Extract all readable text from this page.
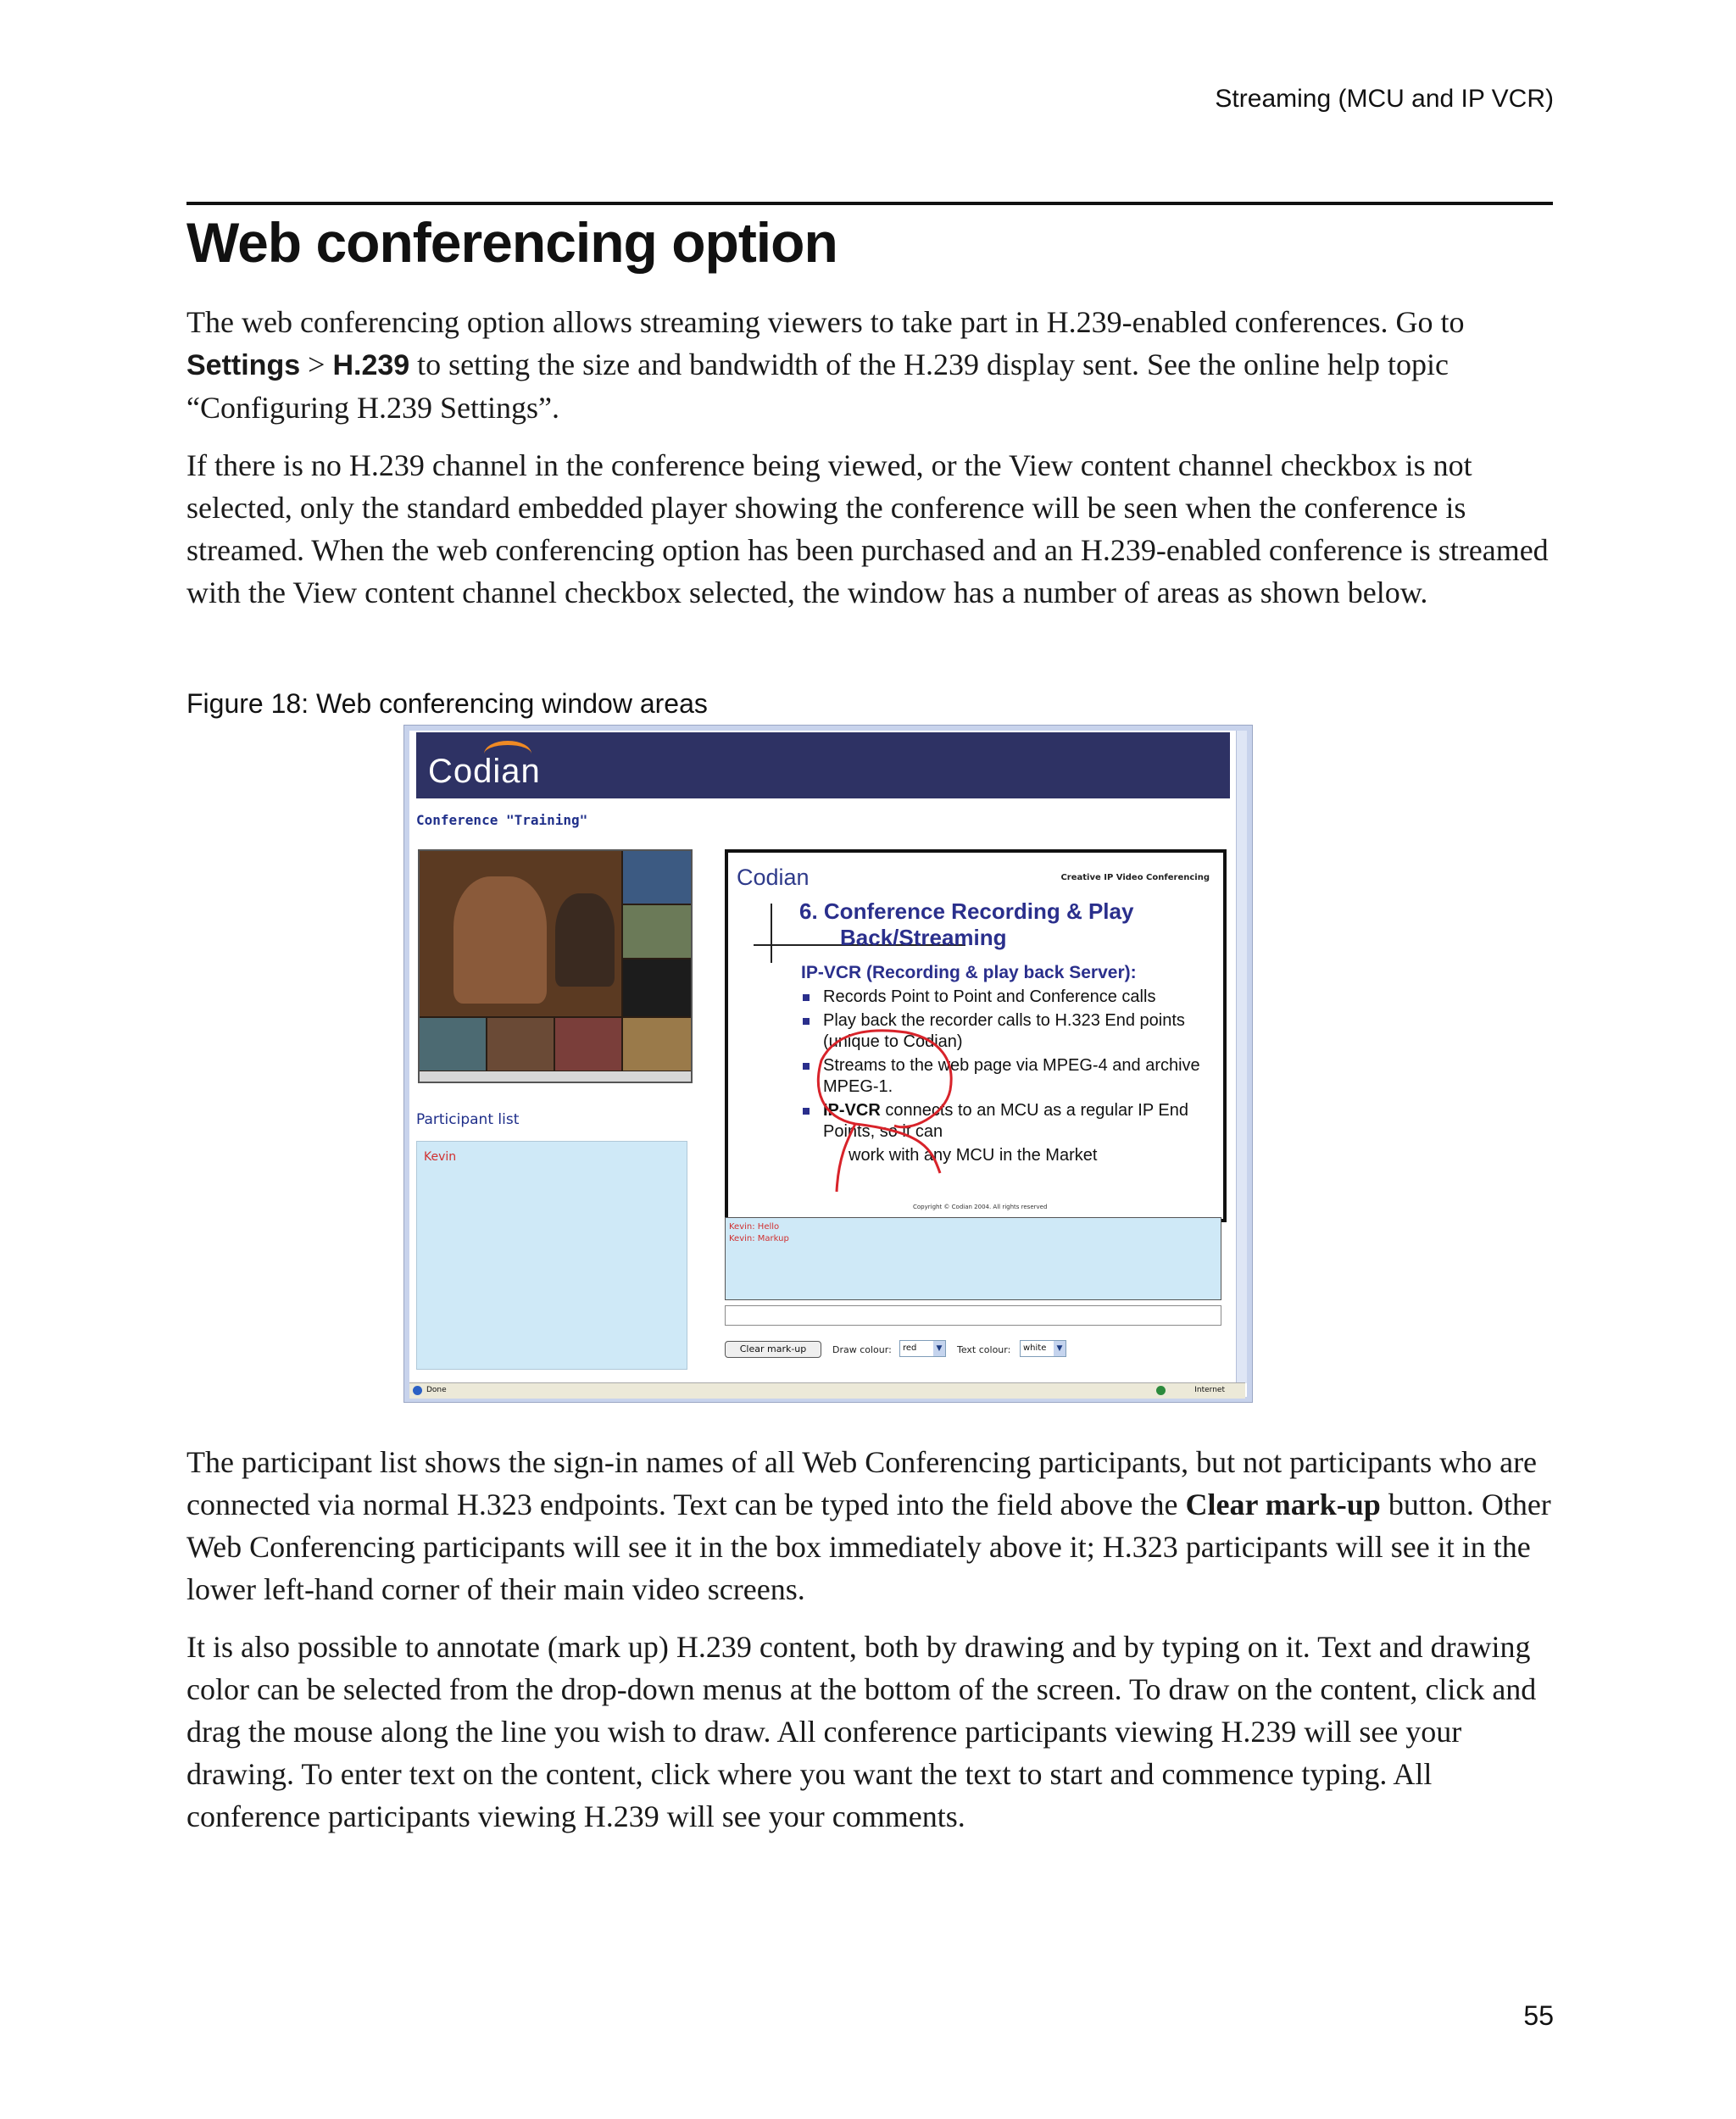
Streaming (MCU and IP VCR)
Web conferencing option

The web conferencing option allows streaming viewers to take part in H.239-enabled conferences. Go to Settings > H.239 to setting the size and bandwidth of the H.239 display sent. See the online help topic “Configuring H.239 Settings”.

If there is no H.239 channel in the conference being viewed, or the View content channel checkbox is not selected, only the standard embedded player showing the conference will be seen when the conference is streamed. When the web conferencing option has been purchased and an H.239-enabled conference is streamed with the View content channel checkbox selected, the window has a number of areas as shown below.

Figure 18: Web conferencing window areas
Codian
Conference "Training"
Participant list
Kevin
Codian	Creative IP Video Conferencing
6. Conference Recording & Play
Back/Streaming
IP-VCR (Recording & play back Server):
Records Point to Point and Conference calls
Play back the recorder calls to H.323 End points (unique to Codian)
Streams to the web page via MPEG-4 and archive MPEG-1.
IP-VCR connects to an MCU as a regular IP End Points, so it can
work with any MCU in the Market
Copyright © Codian 2004. All rights reserved
Kevin: Hello
Kevin: Markup
Clear mark-up	Draw colour:	red	▼	Text colour:	white	▼
Done	Internet

The participant list shows the sign-in names of all Web Conferencing participants, but not participants who are connected via normal H.323 endpoints. Text can be typed into the field above the Clear mark-up button. Other Web Conferencing participants will see it in the box immediately above it; H.323 participants will see it in the lower left-hand corner of their main video screens.

It is also possible to annotate (mark up) H.239 content, both by drawing and by typing on it. Text and drawing color can be selected from the drop-down menus at the bottom of the screen. To draw on the content, click and drag the mouse along the line you wish to draw. All conference participants viewing H.239 will see your drawing. To enter text on the content, click where you want the text to start and commence typing. All conference participants viewing H.239 will see your comments.

55
